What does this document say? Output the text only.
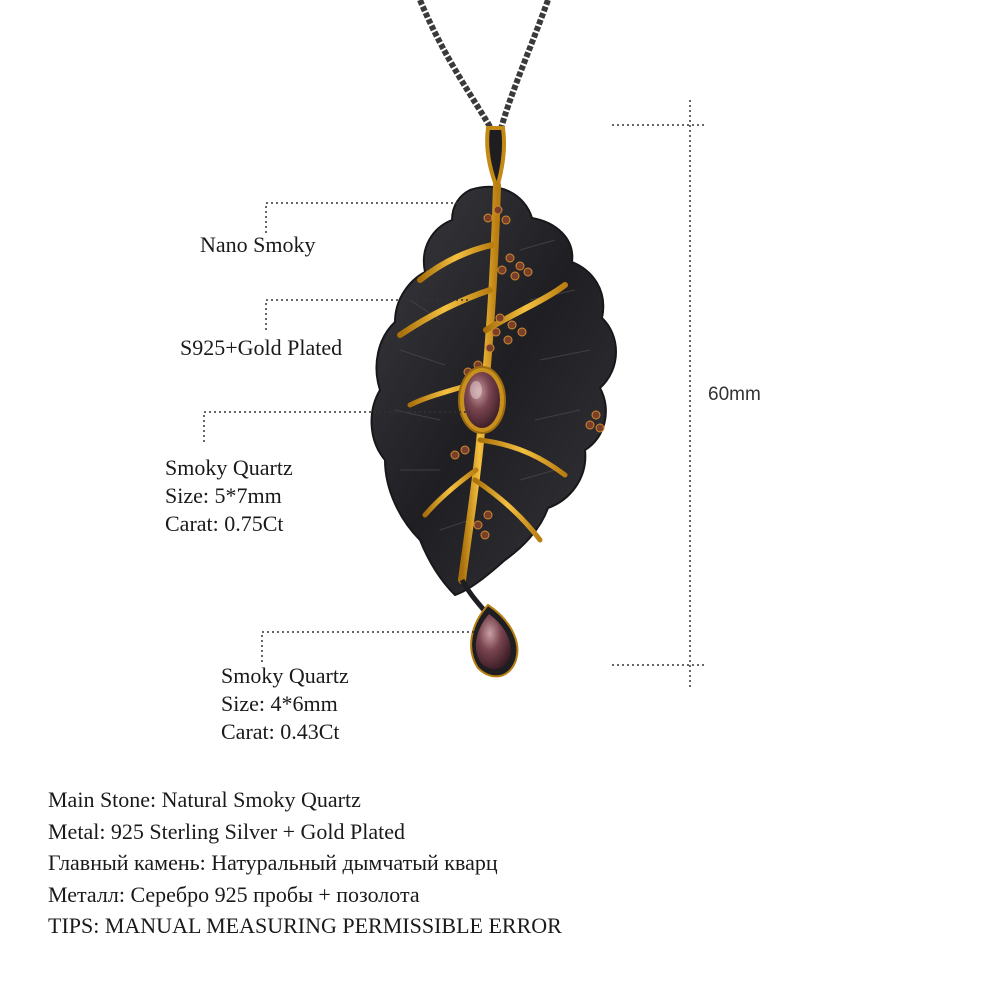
Nano Smoky
S925+Gold Plated
Smoky Quartz
Size: 5*7mm
Carat: 0.75Ct
Smoky Quartz
Size: 4*6mm
Carat: 0.43Ct
60mm
Main Stone: Natural Smoky Quartz
Metal: 925 Sterling Silver + Gold Plated
Главный камень: Натуральный дымчатый кварц
Металл: Серебро 925 пробы + позолота
TIPS: MANUAL MEASURING PERMISSIBLE ERROR
